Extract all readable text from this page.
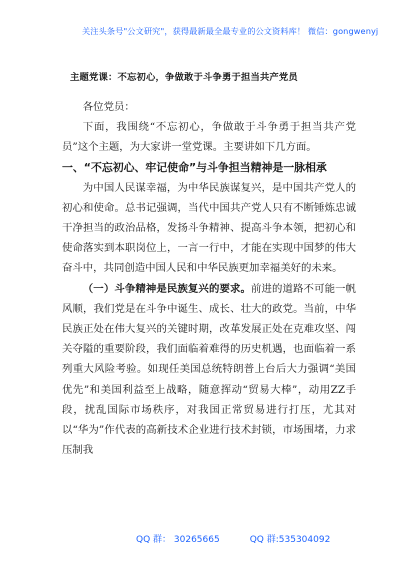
关注头条号"公文研究"，获得最新最全最专业的公文资料库！ 微信：gongwenyj
主题党课：不忘初心，争做敢于斗争勇于担当共产党员

各位党员：

下面，我围绕“不忘初心，争做敢于斗争勇于担当共产党员”这个主题，为大家讲一堂党课。主要讲如下几方面。

一、“不忘初心、牢记使命”与斗争担当精神是一脉相承

为中国人民谋幸福，为中华民族谋复兴，是中国共产党人的初心和使命。总书记强调，当代中国共产党人只有不断锤炼忠诚干净担当的政治品格，发扬斗争精神、提高斗争本领，把初心和使命落实到本职岗位上，一言一行中，才能在实现中国梦的伟大奋斗中，共同创造中国人民和中华民族更加幸福美好的未来。

（一）斗争精神是民族复兴的要求。前进的道路不可能一帆风顺，我们党是在斗争中诞生、成长、壮大的政党。当前，中华民族正处在伟大复兴的关键时期，改革发展正处在克难攻坚、闯关夺隘的重要阶段，我们面临着难得的历史机遇，也面临着一系列重大风险考验。如现任美国总统特朗普上台后大力强调“美国优先”和美国利益至上战略，随意挥动“贸易大棒”，动用ZZ手段，扰乱国际市场秩序，对我国正常贸易进行打压，尤其对以“华为”作代表的高新技术企业进行技术封锁，市场围堵，力求压制我

QQ 群： 30265665	QQ 群:535304092
